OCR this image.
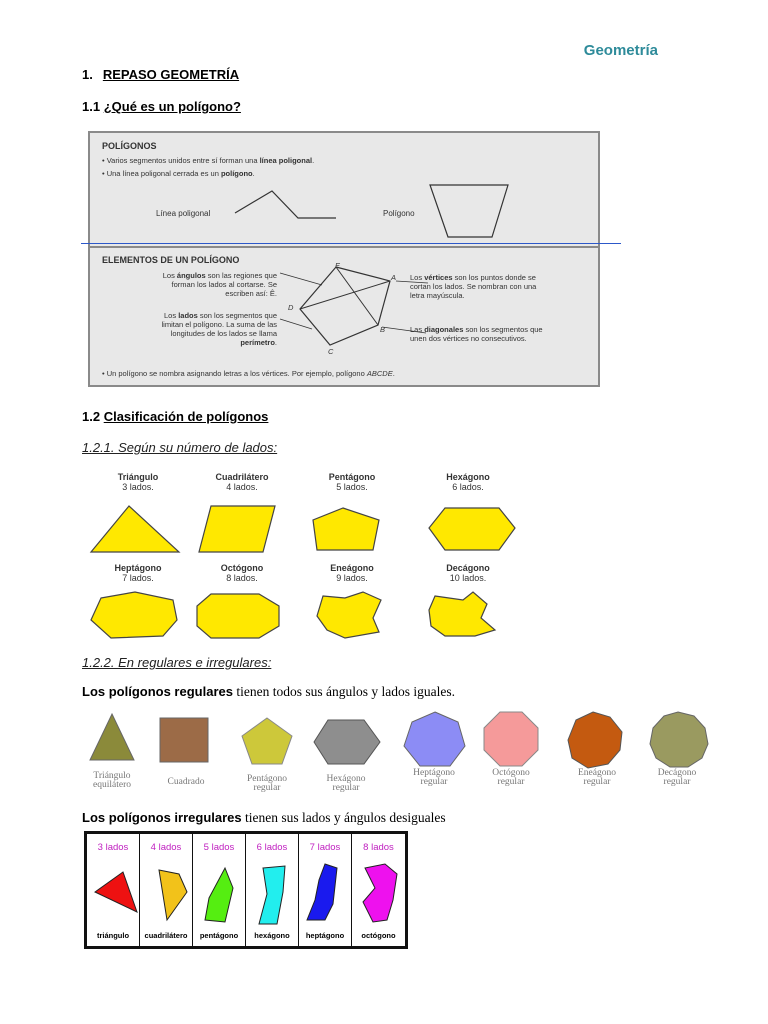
Geometría
1. REPASO GEOMETRÍA
1.1 ¿Qué es un polígono?
POLÍGONOS
• Varios segmentos unidos entre sí forman una línea poligonal.
• Una línea poligonal cerrada es un polígono.
Línea poligonal	Polígono
E
A
B
C
D
ELEMENTOS DE UN POLÍGONO
Los ángulos son las regiones que forman los lados al cortarse. Se escriben así: Ê.
Los lados son los segmentos que limitan el polígono. La suma de las longitudes de los lados se llama perímetro.
Los vértices son los puntos donde se cortan los lados. Se nombran con una letra mayúscula.
Las diagonales son los segmentos que unen dos vértices no consecutivos.
• Un polígono se nombra asignando letras a los vértices. Por ejemplo, polígono ABCDE.
1.2 Clasificación de polígonos
1.2.1. Según su número de lados:
Triángulo
3 lados.
Cuadrilátero
4 lados.
Pentágono
5 lados.
Hexágono
6 lados.
Heptágono
7 lados.
Octógono
8 lados.
Eneágono
9 lados.
Decágono
10 lados.
1.2.2. En regulares e irregulares:
Los polígonos regulares tienen todos sus ángulos y lados iguales.
Triángulo
equilátero	Cuadrado	Pentágono
regular
Hexágono
regular
Heptágono
regular
Octógono
regular
Eneágono
regular
Decágono
regular
Los polígonos irregulares tienen sus lados y ángulos desiguales
3 lados
triángulo
4 lados
cuadrilátero
5 lados
pentágono
6 lados
hexágono
7 lados
heptágono
8 lados
octógono
